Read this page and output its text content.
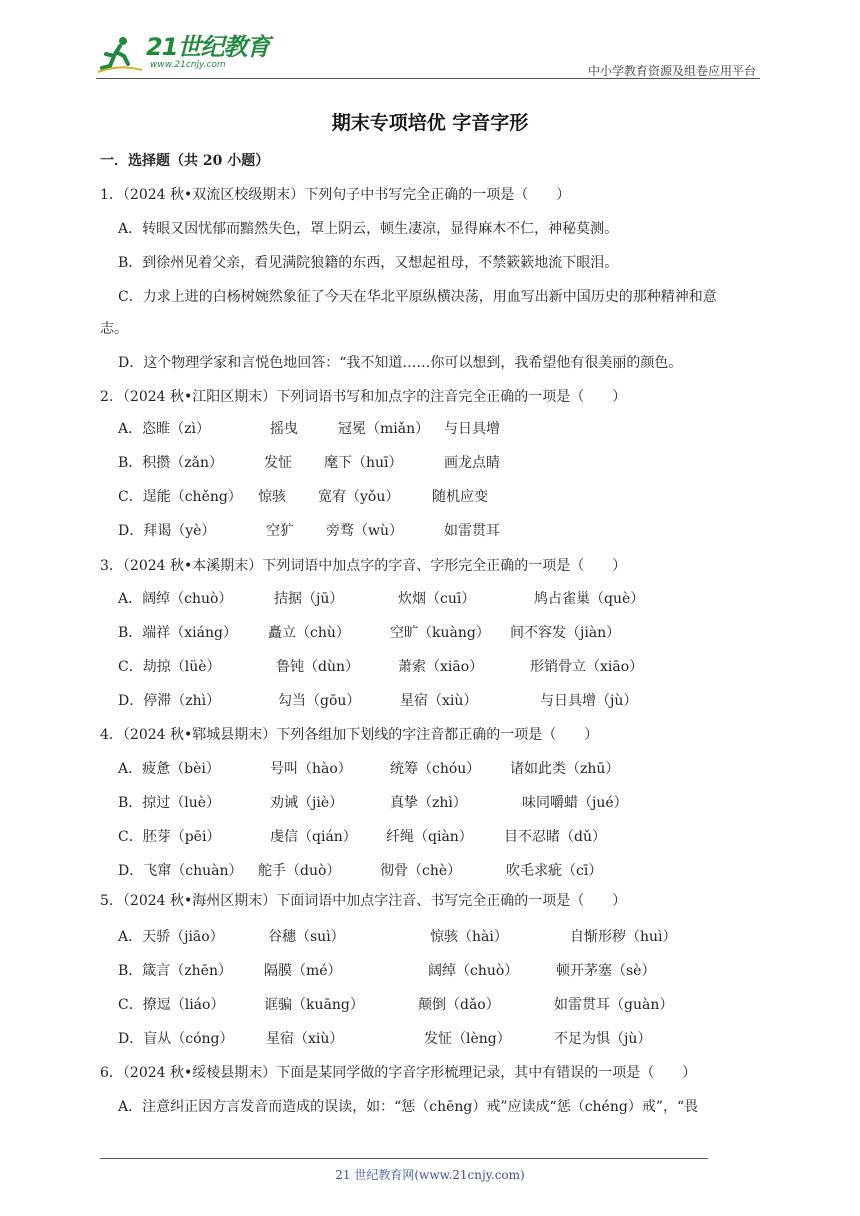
21世纪教育
www.21cnjy.com	中小学教育资源及组卷应用平台
期末专项培优 字音字形
一．选择题（共 20 小题）
1．（2024 秋•双流区校级期末）下列句子中书写完全正确的一项是（　　）
A．转眼又因忧郁而黯然失色，罩上阴云，顿生凄凉，显得麻木不仁，神秘莫测。
B．到徐州见着父亲，看见满院狼籍的东西，又想起祖母，不禁簌簌地流下眼泪。
C．力求上进的白杨树婉然象征了今天在华北平原纵横决荡，用血写出新中国历史的那种精神和意
志。
D．这个物理学家和言悦色地回答：“我不知道……你可以想到，我希望他有很美丽的颜色。
2．（2024 秋•江阳区期末）下列词语书写和加点字的注音完全正确的一项是（　　）
A．恣睢（zì）	摇曳	冠冕（miǎn） 与日具增
B．积攒（zǎn）	发怔 麾下（huī）	画龙点睛
C．逞能（chěng） 惊骇 宽宥（yǒu） 随机应变
D．拜谒（yè）	空犷 旁骛（wù）	如雷贯耳
3．（2024 秋•本溪期末）下列词语中加点字的字音、字形完全正确的一项是（　　）
A．阔绰（chuò）	拮据（jū）	炊烟（cuī）	鸠占雀巢（què）
B．端祥（xiáng） 矗立（chù）	空旷（kuàng） 间不容发（jiàn）
C．劫掠（lüè）	鲁钝（dùn）	萧索（xiāo）	形销骨立（xiāo）
D．停滞（zhì）	勾当（gōu）	星宿（xiù）	与日具增（jù）
4．（2024 秋•郓城县期末）下列各组加下划线的字注音都正确的一项是（　　）
A．疲惫（bèi）	号叫（hào）	统筹（chóu） 诸如此类（zhū）
B．掠过（luè）	劝诫（jiè）	真挚（zhì）	味同嚼蜡（jué）
C．胚芽（pēi）	虔信（qián） 纤绳（qiàn） 目不忍睹（dǔ）
D．飞窜（chuàn） 舵手（duò）	彻骨（chè）	吹毛求疵（cī）
5．（2024 秋•海州区期末）下面词语中加点字注音、书写完全正确的一项是（　　）
A．天骄（jiāo）	谷穗（suì）	惊骇（hài）	自惭形秽（huì）
B．箴言（zhēn） 隔膜（mé）	阔绰（chuò）	顿开茅塞（sè）
C．撩逗（liáo）	诓骗（kuāng）	颠倒（dǎo）	如雷贯耳（guàn）
D．盲从（cóng） 星宿（xiù）	发怔（lèng）	不足为惧（jù）
6．（2024 秋•绥棱县期末）下面是某同学做的字音字形梳理记录，其中有错误的一项是（　　）
A．注意纠正因方言发音而造成的误读，如：“惩（chēng）戒”应读成“惩（chéng）戒”，“畏
21 世纪教育网(www.21cnjy.com)
